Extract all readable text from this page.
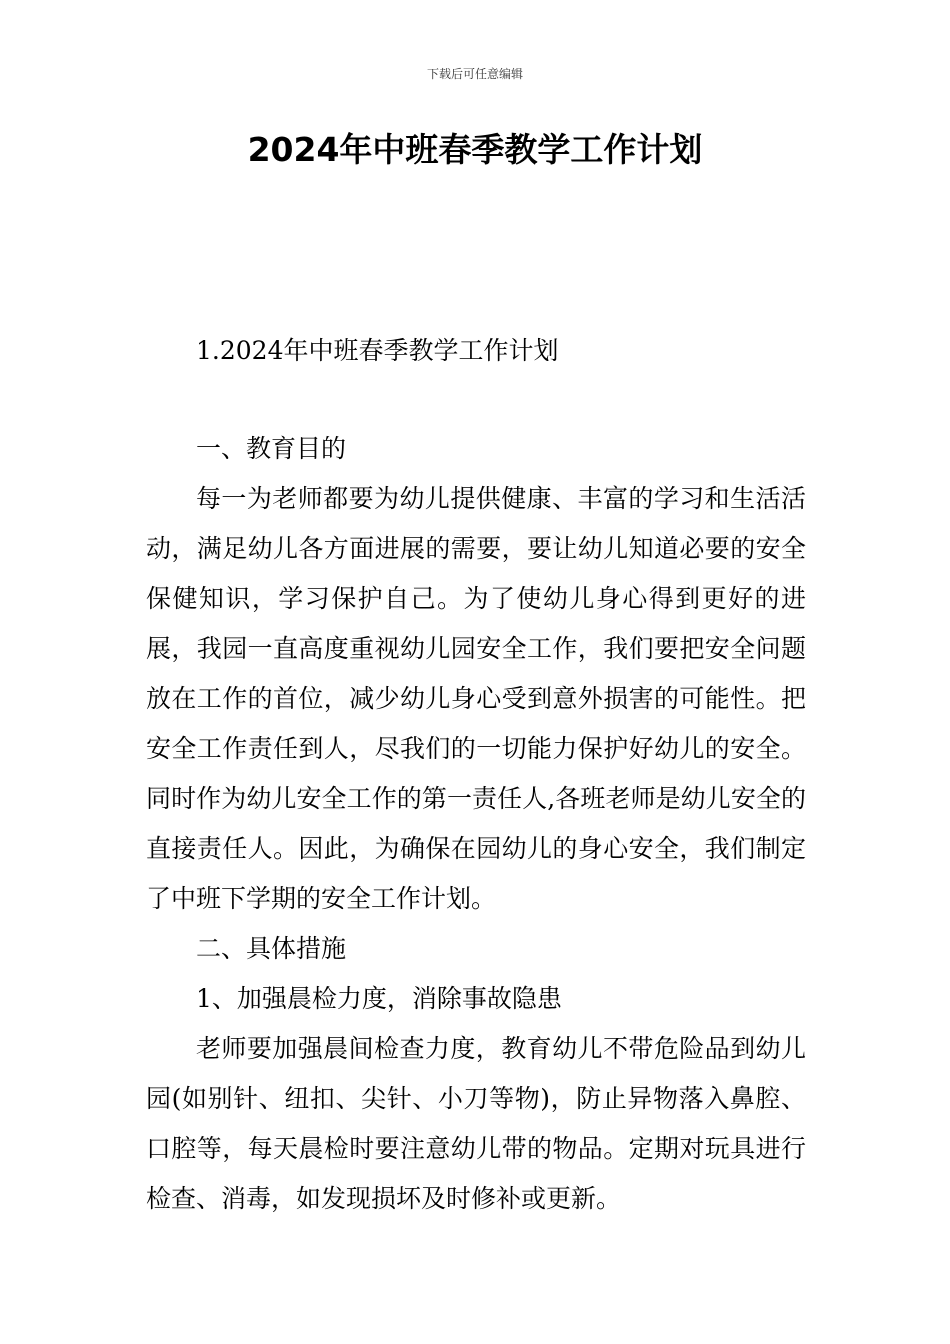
下载后可任意编辑
2024年中班春季教学工作计划

1.2024年中班春季教学工作计划

一、教育目的

每一为老师都要为幼儿提供健康、丰富的学习和生活活动，满足幼儿各方面进展的需要，要让幼儿知道必要的安全保健知识，学习保护自己。为了使幼儿身心得到更好的进展，我园一直高度重视幼儿园安全工作，我们要把安全问题放在工作的首位，减少幼儿身心受到意外损害的可能性。把安全工作责任到人，尽我们的一切能力保护好幼儿的安全。同时作为幼儿安全工作的第一责任人,各班老师是幼儿安全的直接责任人。因此，为确保在园幼儿的身心安全，我们制定了中班下学期的安全工作计划。

二、具体措施

1、加强晨检力度，消除事故隐患

老师要加强晨间检查力度，教育幼儿不带危险品到幼儿园(如别针、纽扣、尖针、小刀等物)，防止异物落入鼻腔、口腔等，每天晨检时要注意幼儿带的物品。定期对玩具进行检查、消毒，如发现损坏及时修补或更新。
